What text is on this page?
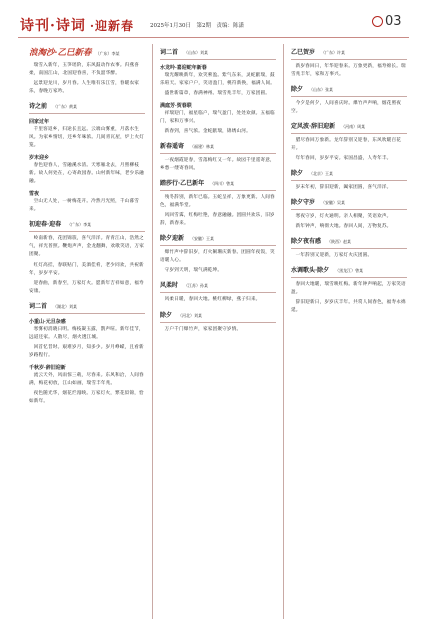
诗刊·诗词 ·迎新春	2025年1月30日　第2期　责编：陈潇	03
浪淘沙·乙巳新春 （广东）李某

瑞雪入新年，玉笋瑶阶，东风鼓动作农事。归燕喜柔，南国江山，北国迎春喜，不负韶华醉。

远景迎龙川，岁月春。人生唯有乐江雪，春暖农家乐，春晚万家吟。

诗之前 （广东）黄某
回家过年

千里客返乡，归途长且远。云端山雾重，月落水生风。为家乡情切，还乡年味浓。几间青瓦屋，炉上火灯笼。

岁末迎乡

春色迎春人，雪融溪水清。天寒雁北去，月照柳枝新。故人何处在，心寄故园春。山村新年味，老少乐融融。

雪夜

空山无人处，一树梅花开。冷然月光照，千山暮雪来。

初迎春·迎春 （广东）李某

岭南新春，花团锦簇，喜气洋洋。青青江山，浩然之气，祥光普照。鞭炮声声，金龙翻舞，欢歌笑语，万家团聚。

红灯高挂，春联贴门，美酒佳肴，老少同欢，共祝新年，岁岁平安。

迎春曲，新春至，万家灯火。愿新年吉祥如意，福寿安康。

词二首 （湖北）刘某
小重山·元旦杂感

寒雾初消晓日明。梅枝凝玉露，鹊声喧。新年佳节，远道还家。人散尽，烟火透江城。

回首忆昔时。艰难岁月，知多少。岁月峥嵘，且看新岁路程行。

千秋岁·辞旧迎新

流云天外，风雨惊三载，尽春来。东风和洽，人间春满，梅花初放，江山如画，瑞雪丰年兆。

夜色随光华，烟花烂漫映。万家灯火，繁花似锦，恰如新年。

词二首 （山东）刘某
水龙吟·喜迎蛇年新春

瑞光耀映新年，欢笑萦盈。紫气东来，灵蛇献瑞，鼓乐喧天。家家户户，笑语盈门，桃符新换，福满人间。

盛世新篇章，春满神州。瑞雪兆丰年，万家团圆。

满庭芳·贺春联

祥瑞迎门，福星临户，瑞气盈门，处处欢颜。五福临门，家和万事兴。

新春到，喜气浓。金蛇献瑞，锦绣山河。

新春遥寄 （福建）林某

一夜烟霞迎春，雪落梅红又一年。故园千里遥寄意，乡愁一缕寄春风。

踏莎行·乙巳新年 （四川）曾某

残冬辞别，新年已临。玉蛇呈祥，万象更新。人间春色，福满华堂。

风回雪霁，红梅吐艳，春意融融。团圆共欢乐，旧岁辞，新春来。

除夕迎新 （安徽）王某

爆竹声中辞旧岁，灯火阑珊庆新春。团圆年夜饭，笑语暖人心。

守岁到天明，瑞气满乾坤。

风柔时 （江苏）孙某

风柔日暖，春回大地。桃红柳绿，燕子归来。

除夕 （河北）刘某

万户千门爆竹声，家家团聚守岁情。

乙巳贺岁 （广东）许某

新岁春回日，年华迎春来。万象更新，福寿绵长。瑞雪兆丰年，家和万事兴。

除夕 （山东）张某

今夕是何夕，人间喜庆时。爆竹声声响，烟花照夜空。

定风波·辞旧迎新 （河南）周某

腊尽春回万象新。龙年辞别又迎春，东风吹暖百花开。

年年春回，岁岁平安。家国昌盛，人寿年丰。

除夕 （北京）王某

岁末年初，辞旧迎新，阖家团圆，喜气洋洋。

除夕守岁 （安徽）吴某

寒夜守岁，灯火通明。亲人相聚，笑语欢声。

新年钟声，响彻大地。春回人间，万物复苏。

除夕夜有感 （陕西）赵某

一年辞别又迎新，万家灯火庆团圆。

水调歌头·除夕 （黑龙江）曾某

春回大地暖，瑞雪映红梅。新年钟声响起，万家笑语盈。

辞旧迎新日，岁岁庆丰年。共赏人间春色，福寿永绵延。
